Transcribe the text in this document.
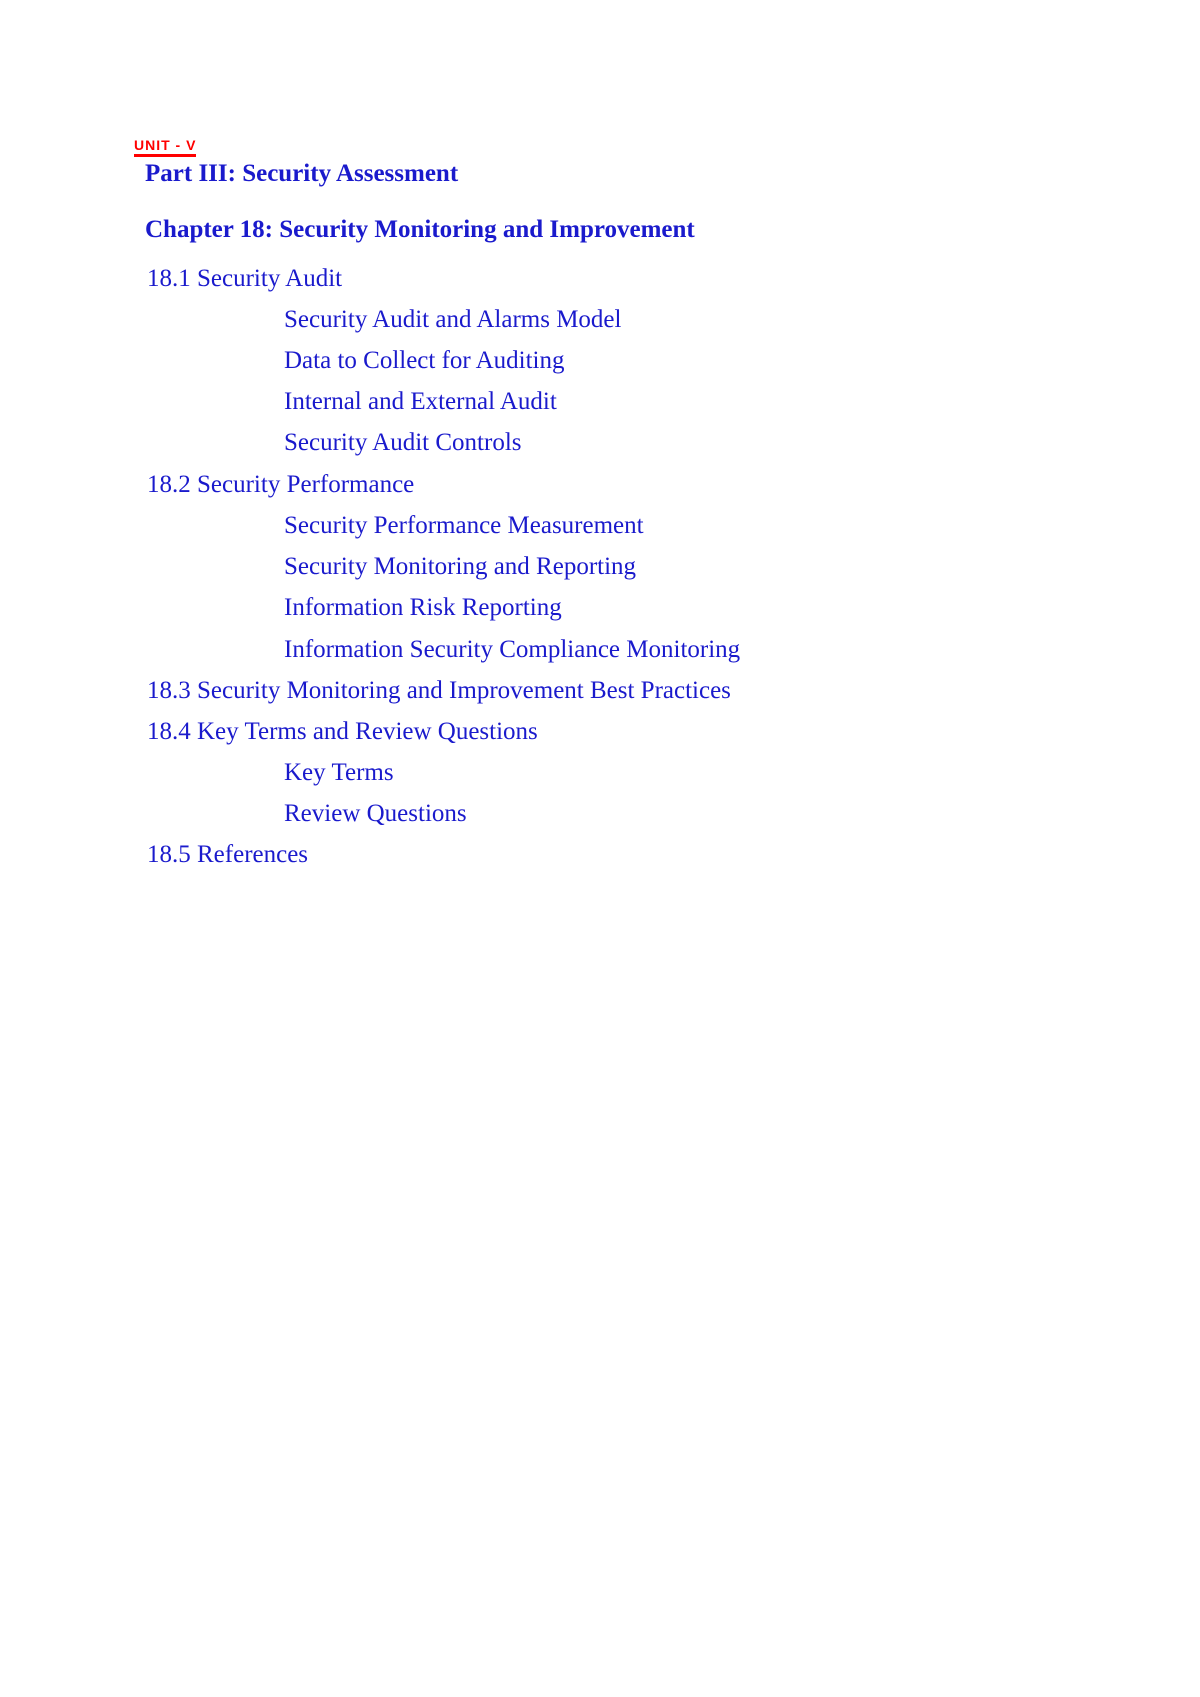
UNIT - V
Part III: Security Assessment
Chapter 18: Security Monitoring and Improvement
18.1 Security Audit
Security Audit and Alarms Model
Data to Collect for Auditing
Internal and External Audit
Security Audit Controls
18.2 Security Performance
Security Performance Measurement
Security Monitoring and Reporting
Information Risk Reporting
Information Security Compliance Monitoring
18.3 Security Monitoring and Improvement Best Practices
18.4 Key Terms and Review Questions
Key Terms
Review Questions
18.5 References
